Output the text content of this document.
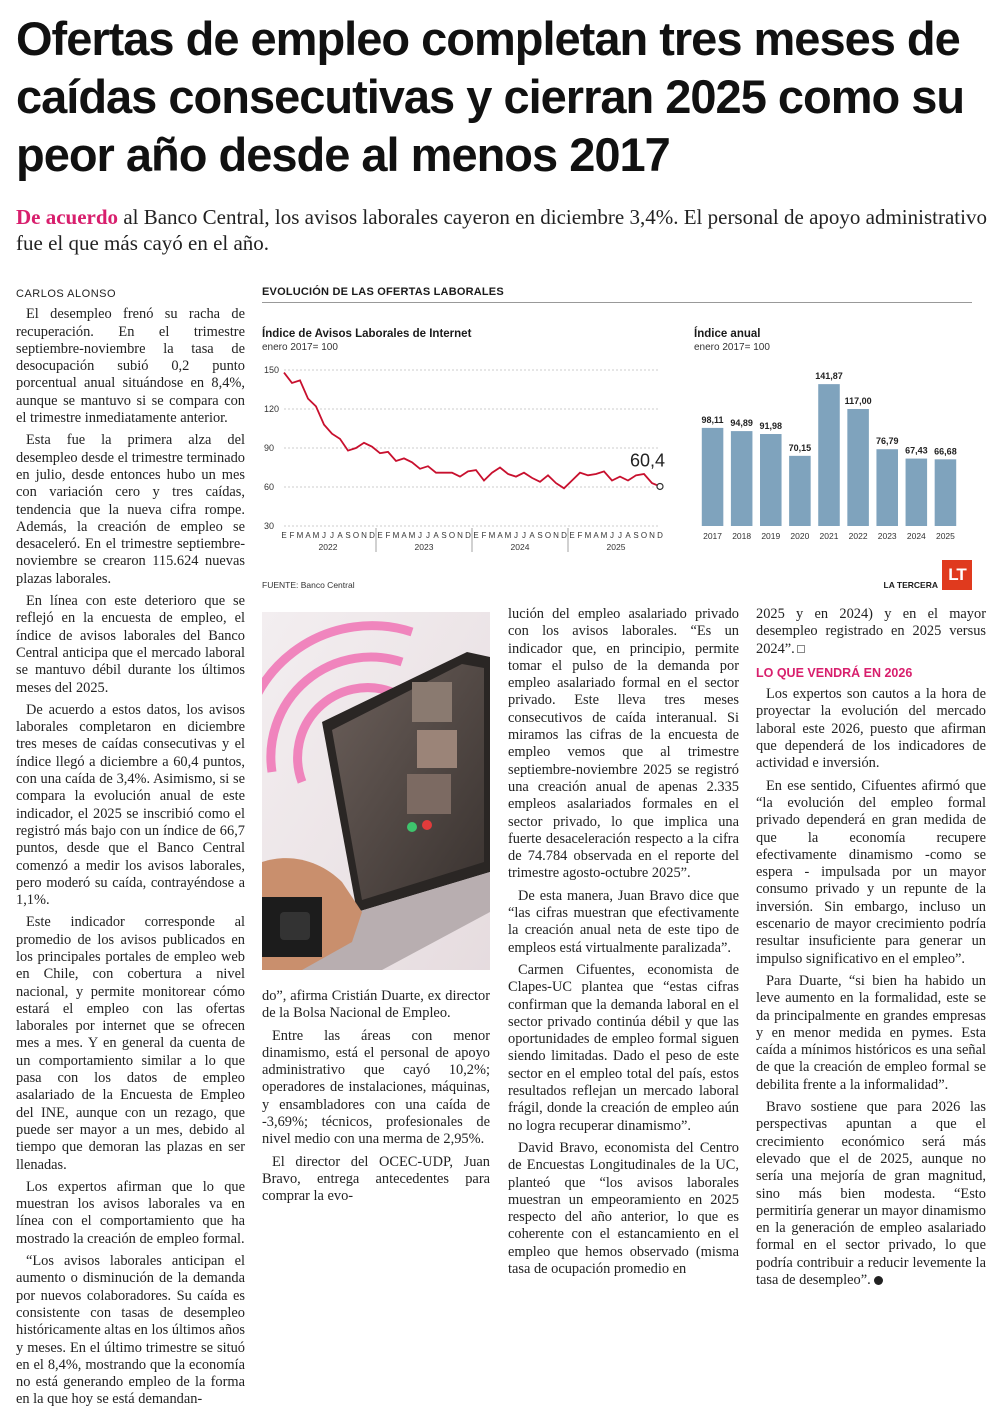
Ofertas de empleo completan tres meses de caídas consecutivas y cierran 2025 como su peor año desde al menos 2017

De acuerdo al Banco Central, los avisos laborales cayeron en diciembre 3,4%. El personal de apoyo administrativo fue el que más cayó en el año.

CARLOS ALONSO

El desempleo frenó su racha de recuperación. En el trimestre septiembre-noviembre la tasa de desocupación subió 0,2 punto porcentual anual situándose en 8,4%, aunque se mantuvo si se compara con el trimestre inmediatamente anterior.

Esta fue la primera alza del desempleo desde el trimestre terminado en julio, desde entonces hubo un mes con variación cero y tres caídas, tendencia que la nueva cifra rompe. Además, la creación de empleo se desaceleró. En el trimestre septiembre-noviembre se crearon 115.624 nuevas plazas laborales.

En línea con este deterioro que se reflejó en la encuesta de empleo, el índice de avisos laborales del Banco Central anticipa que el mercado laboral se mantuvo débil durante los últimos meses del 2025.

De acuerdo a estos datos, los avisos laborales completaron en diciembre tres meses de caídas consecutivas y el índice llegó a diciembre a 60,4 puntos, con una caída de 3,4%. Asimismo, si se compara la evolución anual de este indicador, el 2025 se inscribió como el registró más bajo con un índice de 66,7 puntos, desde que el Banco Central comenzó a medir los avisos laborales, pero moderó su caída, contrayéndose a 1,1%.

Este indicador corresponde al promedio de los avisos publicados en los principales portales de empleo web en Chile, con cobertura a nivel nacional, y permite monitorear cómo estará el empleo con las ofertas laborales por internet que se ofrecen mes a mes. Y en general da cuenta de un comportamiento similar a lo que pasa con los datos de empleo asalariado de la Encuesta de Empleo del INE, aunque con un rezago, que puede ser mayor a un mes, debido al tiempo que demoran las plazas en ser llenadas.

Los expertos afirman que lo que muestran los avisos laborales va en línea con el comportamiento que ha mostrado la creación de empleo formal.

“Los avisos laborales anticipan el aumento o disminución de la demanda por nuevos colaboradores. Su caída es consistente con tasas de desempleo históricamente altas en los últimos años y meses. En el último trimestre se situó en el 8,4%, mostrando que la economía no está generando empleo de la forma en la que hoy se está demandan-

EVOLUCIÓN DE LAS OFERTAS LABORALES
Índice de Avisos Laborales de Internet
enero 2017= 100
150
120
90
60
30
60,4
E F M A M J J A S O N D E F M A M J J A S O N D E F M A M J J A S O N D E F M A M J J A S O N D
2022	2023	2024	2025
Índice anual
enero 2017= 100
98,11
2017
94,89
2018
91,98
2019
70,15
2020
141,87
2021
117,00
2022
76,79
2023
67,43
2024
66,68
2025
FUENTE: Banco Central	LA TERCERA
LT

do”, afirma Cristián Duarte, ex director de la Bolsa Nacional de Empleo.

Entre las áreas con menor dinamismo, está el personal de apoyo administrativo que cayó 10,2%; operadores de instalaciones, máquinas, y ensambladores con una caída de -3,69%; técnicos, profesionales de nivel medio con una merma de 2,95%.

El director del OCEC-UDP, Juan Bravo, entrega antecedentes para comprar la evo-

lución del empleo asalariado privado con los avisos laborales. “Es un indicador que, en principio, permite tomar el pulso de la demanda por empleo asalariado formal en el sector privado. Este lleva tres meses consecutivos de caída interanual. Si miramos las cifras de la encuesta de empleo vemos que al trimestre septiembre-noviembre 2025 se registró una creación anual de apenas 2.335 empleos asalariados formales en el sector privado, lo que implica una fuerte desaceleración respecto a la cifra de 74.784 observada en el reporte del trimestre agosto-octubre 2025”.

De esta manera, Juan Bravo dice que “las cifras muestran que efectivamente la creación anual neta de este tipo de empleos está virtualmente paralizada”.

Carmen Cifuentes, economista de Clapes-UC plantea que “estas cifras confirman que la demanda laboral en el sector privado continúa débil y que las oportunidades de empleo formal siguen siendo limitadas. Dado el peso de este sector en el empleo total del país, estos resultados reflejan un mercado laboral frágil, donde la creación de empleo aún no logra recuperar dinamismo”.

David Bravo, economista del Centro de Encuestas Longitudinales de la UC, planteó que “los avisos laborales muestran un empeoramiento en 2025 respecto del año anterior, lo que es coherente con el estancamiento en el empleo que hemos observado (misma tasa de ocupación promedio en

2025 y en 2024) y en el mayor desempleo registrado en 2025 versus 2024”.

LO QUE VENDRÁ EN 2026

Los expertos son cautos a la hora de proyectar la evolución del mercado laboral este 2026, puesto que afirman que dependerá de los indicadores de actividad e inversión.

En ese sentido, Cifuentes afirmó que “la evolución del empleo formal privado dependerá en gran medida de que la economía recupere efectivamente dinamismo -como se espera - impulsada por un mayor consumo privado y un repunte de la inversión. Sin embargo, incluso un escenario de mayor crecimiento podría resultar insuficiente para generar un impulso significativo en el empleo”.

Para Duarte, “si bien ha habido un leve aumento en la formalidad, este se da principalmente en grandes empresas y en menor medida en pymes. Esta caída a mínimos históricos es una señal de que la creación de empleo formal se debilita frente a la informalidad”.

Bravo sostiene que para 2026 las perspectivas apuntan a que el crecimiento económico será más elevado que el de 2025, aunque no sería una mejoría de gran magnitud, sino más bien modesta. “Esto permitiría generar un mayor dinamismo en la generación de empleo asalariado formal en el sector privado, lo que podría contribuir a reducir levemente la tasa de desempleo”.
